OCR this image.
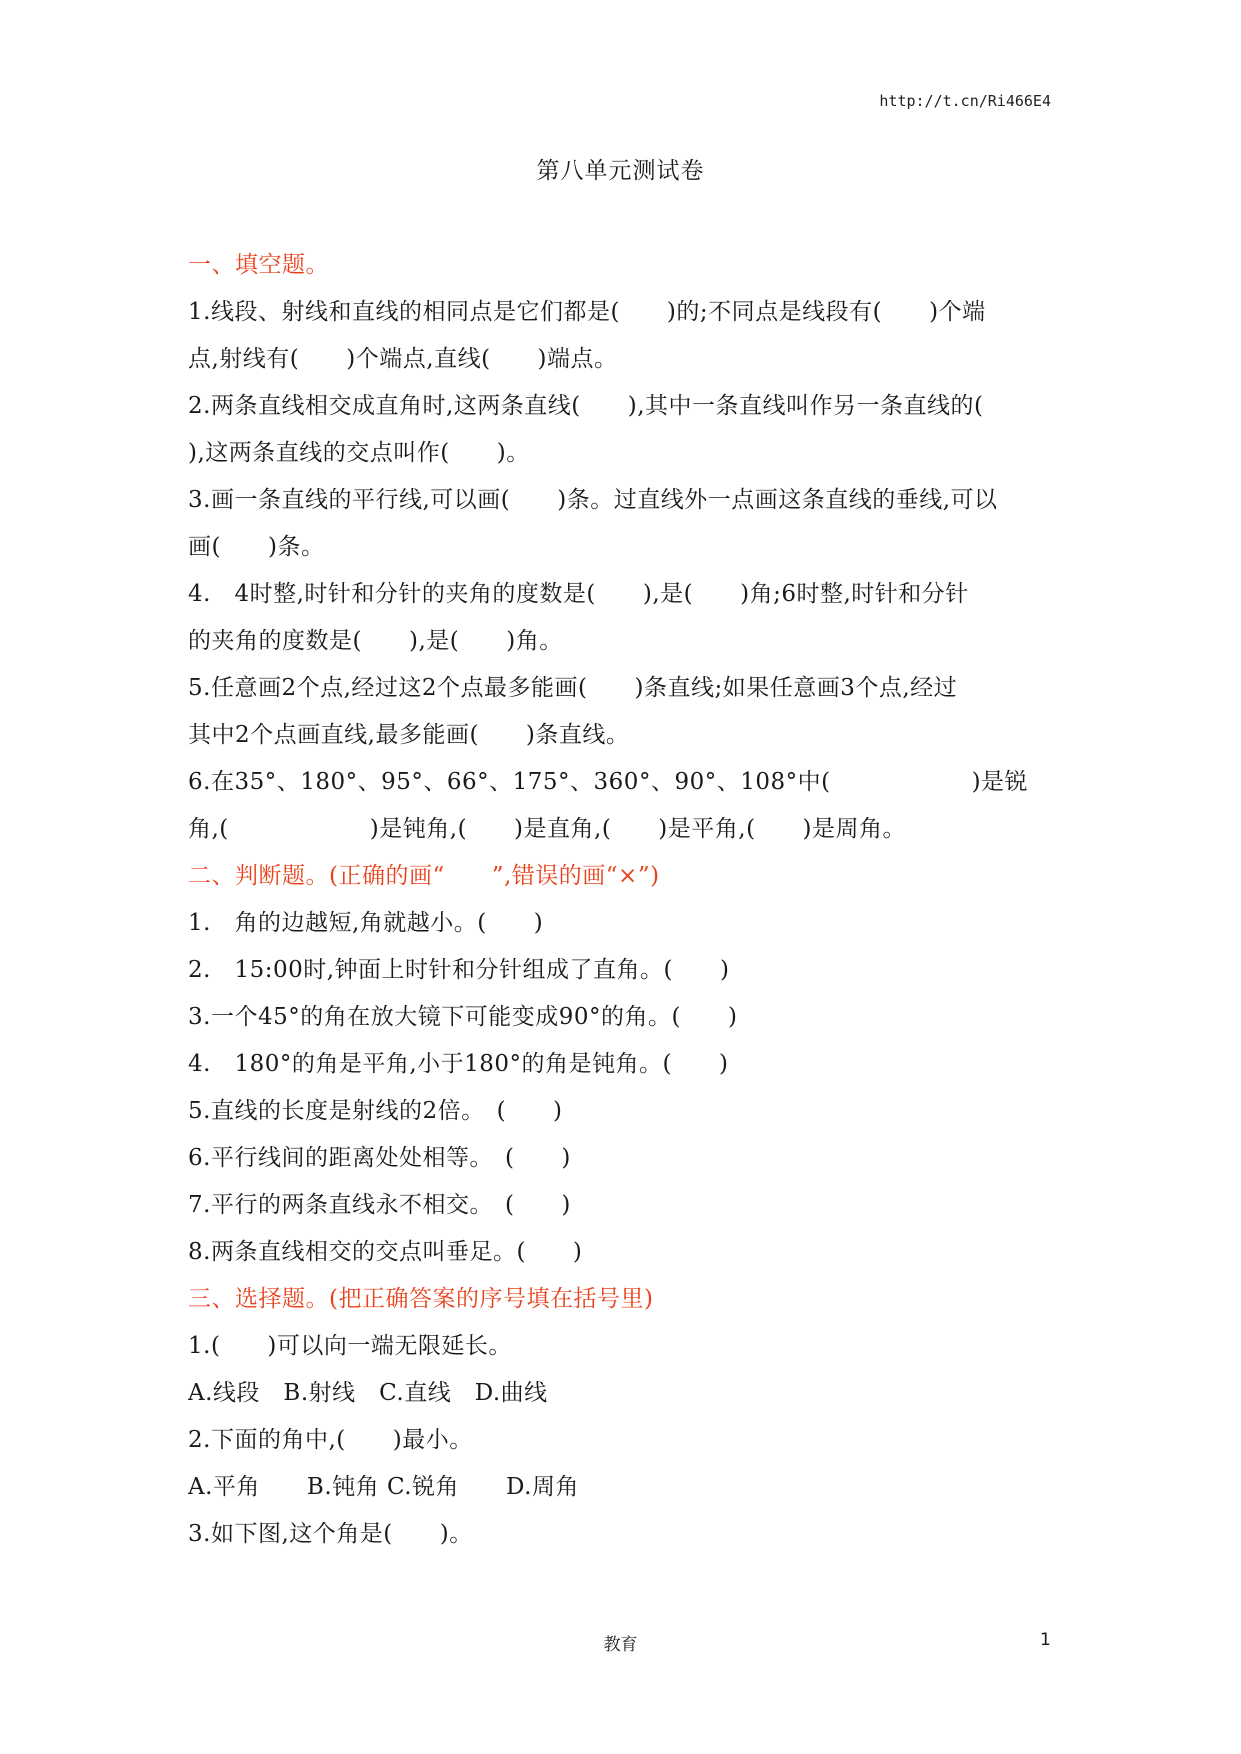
http://t.cn/Ri466E4
第八单元测试卷
一、填空题。
1.线段、射线和直线的相同点是它们都是(　　)的;不同点是线段有(　　)个端
点,射线有(　　)个端点,直线(　　)端点。
2.两条直线相交成直角时,这两条直线(　　),其中一条直线叫作另一条直线的(
),这两条直线的交点叫作(　　)。
3.画一条直线的平行线,可以画(　　)条。过直线外一点画这条直线的垂线,可以
画(　　)条。
4.　4时整,时针和分针的夹角的度数是(　　),是(　　)角;6时整,时针和分针
的夹角的度数是(　　),是(　　)角。
5.任意画2个点,经过这2个点最多能画(　　)条直线;如果任意画3个点,经过
其中2个点画直线,最多能画(　　)条直线。
6.在35°、180°、95°、66°、175°、360°、90°、108°中(　　　　　　)是锐
角,(　　　　　　)是钝角,(　　)是直角,(　　)是平角,(　　)是周角。
二、判断题。(正确的画“　　”,错误的画“×”)
1.　角的边越短,角就越小。(　　)
2.　15:00时,钟面上时针和分针组成了直角。(　　)
3.一个45°的角在放大镜下可能变成90°的角。(　　)
4.　180°的角是平角,小于180°的角是钝角。(　　)
5.直线的长度是射线的2倍。　(　　)
6.平行线间的距离处处相等。　(　　)
7.平行的两条直线永不相交。　(　　)
8.两条直线相交的交点叫垂足。(　　)
三、选择题。(把正确答案的序号填在括号里)
1.(　　)可以向一端无限延长。
A.线段　B.射线　C.直线　D.曲线
2.下面的角中,(　　)最小。
A.平角　　B.钝角 C.锐角　　D.周角
3.如下图,这个角是(　　)。
教育	1
